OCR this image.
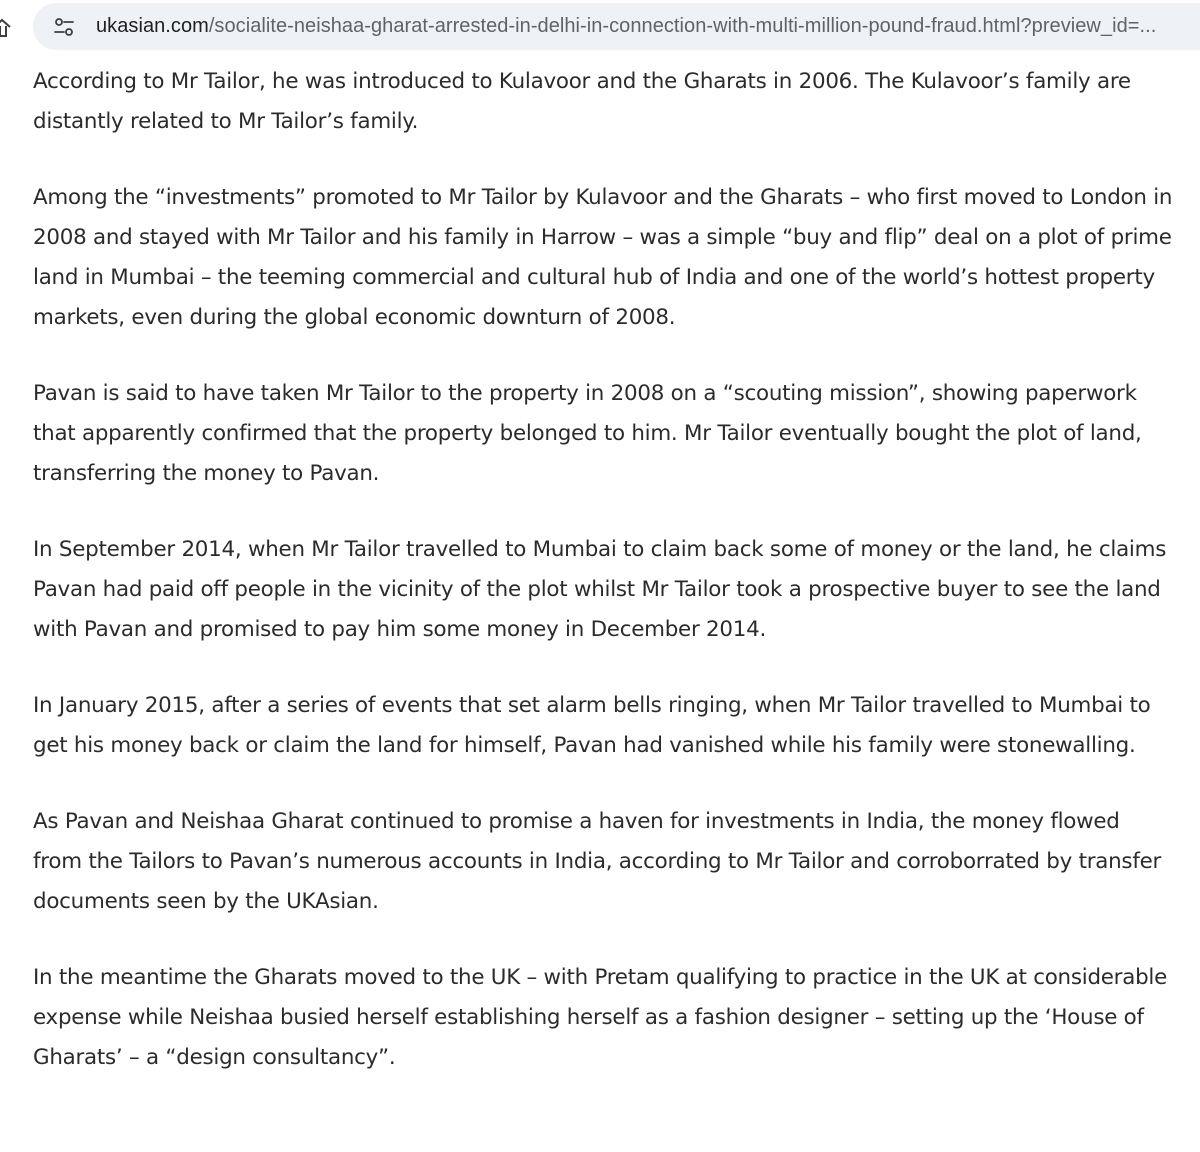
ukasian.com/socialite-neishaa-gharat-arrested-in-delhi-in-connection-with-multi-million-pound-fraud.html?preview_id=...

According to Mr Tailor, he was introduced to Kulavoor and the Gharats in 2006. The Kulavoor’s family are distantly related to Mr Tailor’s family.

Among the “investments” promoted to Mr Tailor by Kulavoor and the Gharats – who first moved to London in 2008 and stayed with Mr Tailor and his family in Harrow – was a simple “buy and flip” deal on a plot of prime land in Mumbai – the teeming commercial and cultural hub of India and one of the world’s hottest property markets, even during the global economic downturn of 2008.

Pavan is said to have taken Mr Tailor to the property in 2008 on a “scouting mission”, showing paperwork that apparently confirmed that the property belonged to him. Mr Tailor eventually bought the plot of land, transferring the money to Pavan.

In September 2014, when Mr Tailor travelled to Mumbai to claim back some of money or the land, he claims Pavan had paid off people in the vicinity of the plot whilst Mr Tailor took a prospective buyer to see the land with Pavan and promised to pay him some money in December 2014.

In January 2015, after a series of events that set alarm bells ringing, when Mr Tailor travelled to Mumbai to get his money back or claim the land for himself, Pavan had vanished while his family were stonewalling.

As Pavan and Neishaa Gharat continued to promise a haven for investments in India, the money flowed from the Tailors to Pavan’s numerous accounts in India, according to Mr Tailor and corroborrated by transfer documents seen by the UKAsian.

In the meantime the Gharats moved to the UK – with Pretam qualifying to practice in the UK at considerable expense while Neishaa busied herself establishing herself as a fashion designer – setting up the ‘House of Gharats’ – a “design consultancy”.
